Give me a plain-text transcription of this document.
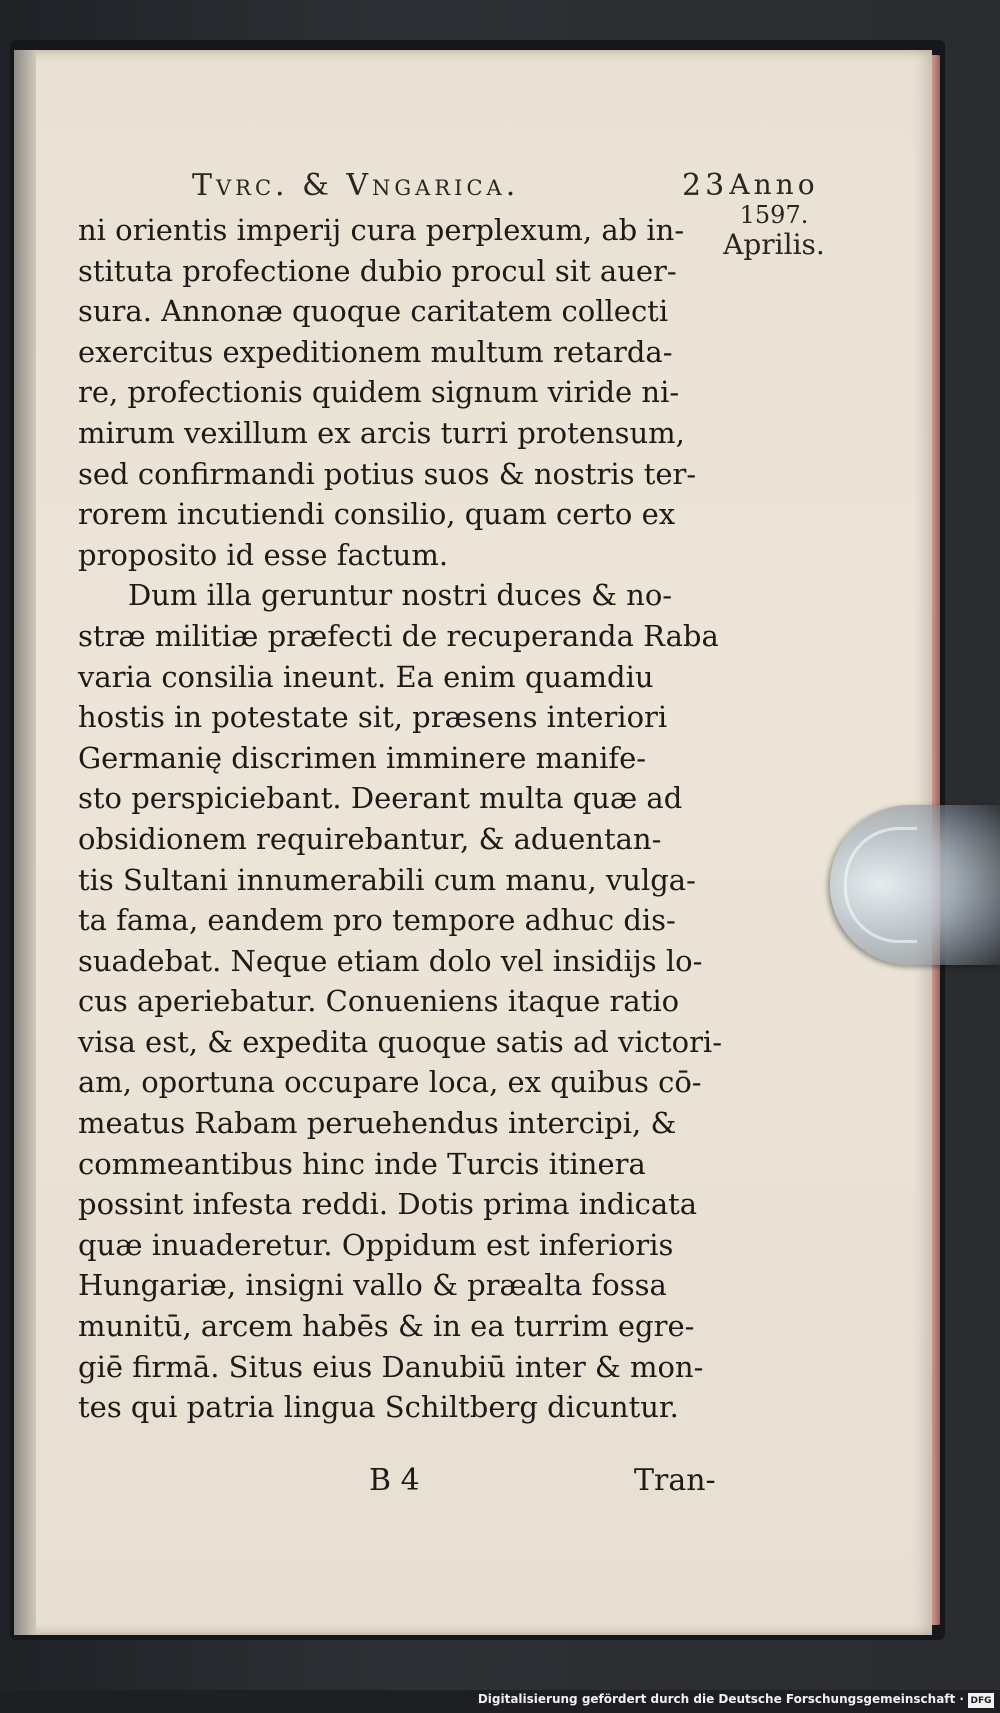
Tvrc. & Vngarica.	23 Anno
1597.
Aprilis.
ni orientis imperij cura perplexum, ab in-
stituta profectione dubio procul sit auer-
sura. Annonæ quoque caritatem collecti
exercitus expeditionem multum retarda-
re, profectionis quidem signum viride ni-
mirum vexillum ex arcis turri protensum,
sed confirmandi potius suos & nostris ter-
rorem incutiendi consilio, quam certo ex
proposito id esse factum.
Dum illa geruntur nostri duces & no-
stræ militiæ præfecti de recuperanda Raba
varia consilia ineunt. Ea enim quamdiu
hostis in potestate sit, præsens interiori
Germanię discrimen imminere manife-
sto perspiciebant. Deerant multa quæ ad
obsidionem requirebantur, & aduentan-
tis Sultani innumerabili cum manu, vulga-
ta fama, eandem pro tempore adhuc dis-
suadebat. Neque etiam dolo vel insidijs lo-
cus aperiebatur. Conueniens itaque ratio
visa est, & expedita quoque satis ad victori-
am, oportuna occupare loca, ex quibus cō-
meatus Rabam peruehendus intercipi, &
commeantibus hinc inde Turcis itinera
possint infesta reddi. Dotis prima indicata
quæ inuaderetur. Oppidum est inferioris
Hungariæ, insigni vallo & præalta fossa
munitū, arcem habēs & in ea turrim egre-
giē firmā. Situs eius Danubiū inter & mon-
tes qui patria lingua Schiltberg dicuntur.
B 4	Tran-
Digitalisierung gefördert durch die Deutsche Forschungsgemeinschaft · DFG
